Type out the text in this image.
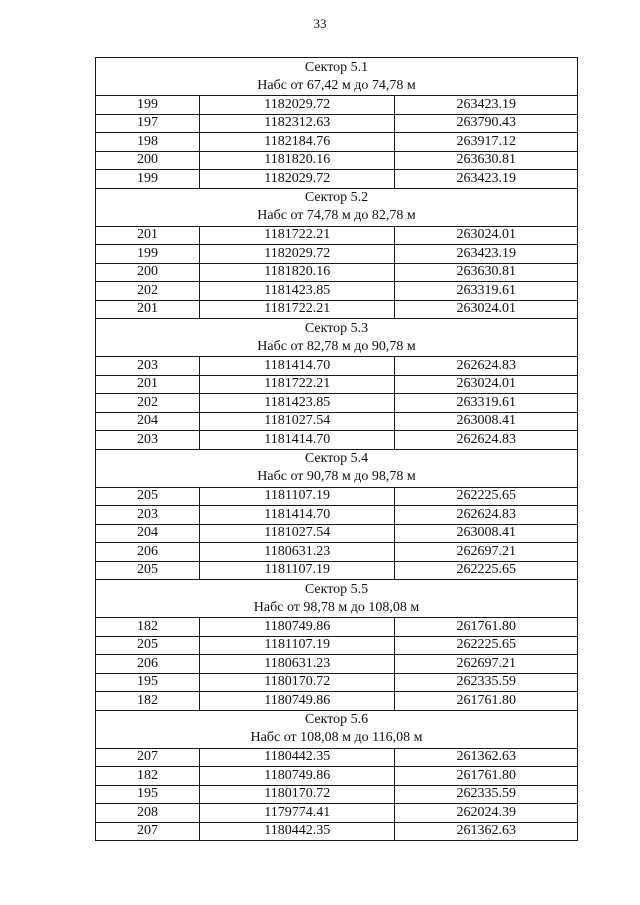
33
Сектор 5.1
Набс от 67,42 м до 74,78 м		

199	1182029.72	263423.19
197	1182312.63	263790.43
198	1182184.76	263917.12
200	1181820.16	263630.81
199	1182029.72	263423.19

Сектор 5.2
Набс от 74,78 м до 82,78 м		

201	1181722.21	263024.01
199	1182029.72	263423.19
200	1181820.16	263630.81
202	1181423.85	263319.61
201	1181722.21	263024.01

Сектор 5.3
Набс от 82,78 м до 90,78 м		

203	1181414.70	262624.83
201	1181722.21	263024.01
202	1181423.85	263319.61
204	1181027.54	263008.41
203	1181414.70	262624.83

Сектор 5.4
Набс от 90,78 м до 98,78 м		

205	1181107.19	262225.65
203	1181414.70	262624.83
204	1181027.54	263008.41
206	1180631.23	262697.21
205	1181107.19	262225.65

Сектор 5.5
Набс от 98,78 м до 108,08 м		

182	1180749.86	261761.80
205	1181107.19	262225.65
206	1180631.23	262697.21
195	1180170.72	262335.59
182	1180749.86	261761.80

Сектор 5.6
Набс от 108,08 м до 116,08 м		

207	1180442.35	261362.63
182	1180749.86	261761.80
195	1180170.72	262335.59
208	1179774.41	262024.39
207	1180442.35	261362.63
